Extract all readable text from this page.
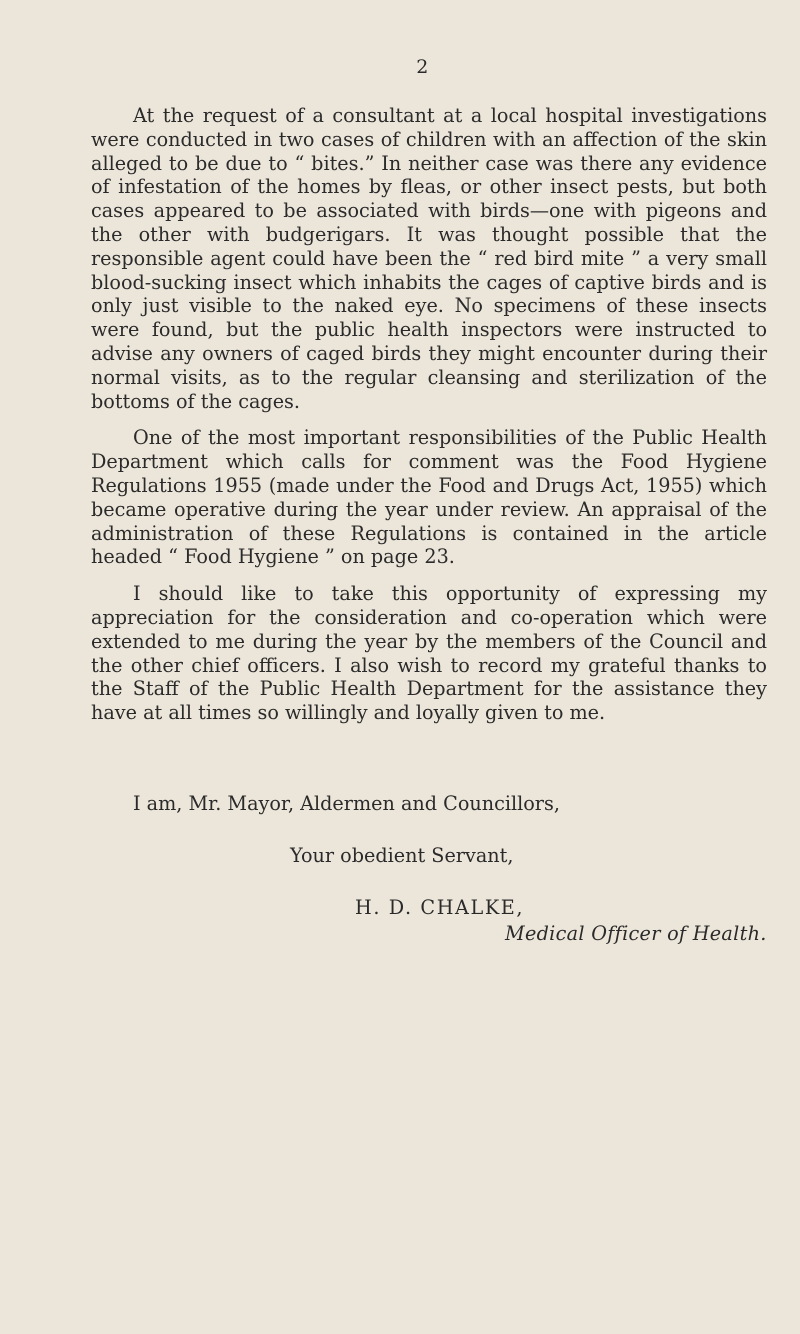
2

At the request of a consultant at a local hospital investigations were conducted in two cases of children with an affection of the skin alleged to be due to “ bites.” In neither case was there any evidence of infestation of the homes by fleas, or other insect pests, but both cases appeared to be associated with birds—one with pigeons and the other with budgerigars. It was thought possible that the responsible agent could have been the “ red bird mite ” a very small blood-sucking insect which inhabits the cages of captive birds and is only just visible to the naked eye. No specimens of these insects were found, but the public health inspectors were instructed to advise any owners of caged birds they might encounter during their normal visits, as to the regular cleansing and sterilization of the bottoms of the cages.

One of the most important responsibilities of the Public Health Department which calls for comment was the Food Hygiene Regulations 1955 (made under the Food and Drugs Act, 1955) which became operative during the year under review. An appraisal of the administration of these Regulations is contained in the article headed “ Food Hygiene ” on page 23.

I should like to take this opportunity of expressing my appreciation for the consideration and co-operation which were extended to me during the year by the members of the Council and the other chief officers. I also wish to record my grateful thanks to the Staff of the Public Health Department for the assistance they have at all times so willingly and loyally given to me.

I am, Mr. Mayor, Aldermen and Councillors,
Your obedient Servant,
H. D. CHALKE,
Medical Officer of Health.
